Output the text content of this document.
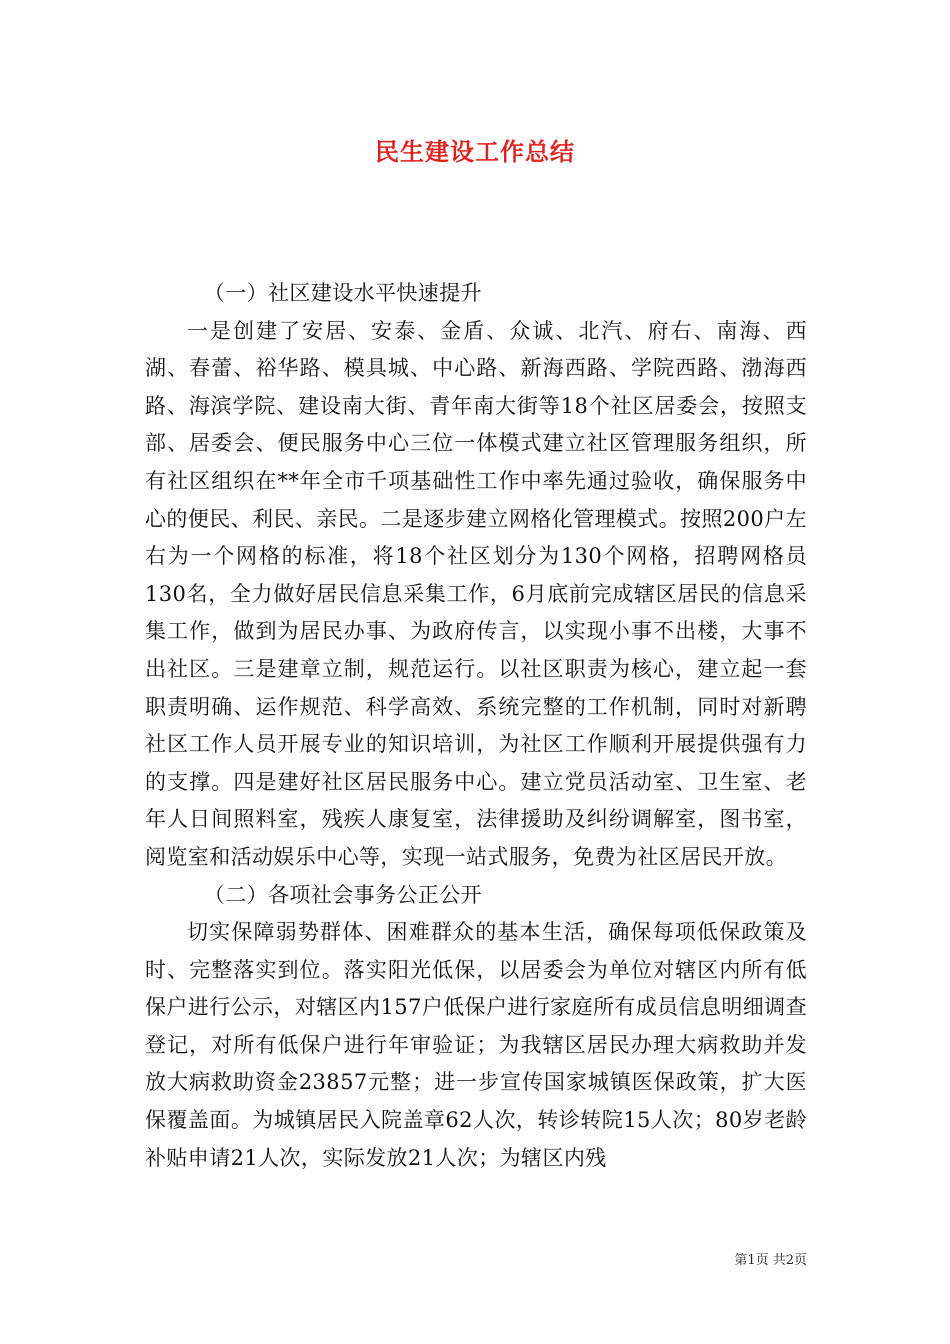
民生建设工作总结

（一）社区建设水平快速提升

一是创建了安居、安泰、金盾、众诚、北汽、府右、南海、西湖、春蕾、裕华路、模具城、中心路、新海西路、学院西路、渤海西路、海滨学院、建设南大街、青年南大街等18个社区居委会，按照支部、居委会、便民服务中心三位一体模式建立社区管理服务组织，所有社区组织在**年全市千项基础性工作中率先通过验收，确保服务中心的便民、利民、亲民。二是逐步建立网格化管理模式。按照200户左右为一个网格的标准，将18个社区划分为130个网格，招聘网格员130名，全力做好居民信息采集工作，6月底前完成辖区居民的信息采集工作，做到为居民办事、为政府传言，以实现小事不出楼，大事不出社区。三是建章立制，规范运行。以社区职责为核心，建立起一套职责明确、运作规范、科学高效、系统完整的工作机制，同时对新聘社区工作人员开展专业的知识培训，为社区工作顺利开展提供强有力的支撑。四是建好社区居民服务中心。建立党员活动室、卫生室、老年人日间照料室，残疾人康复室，法律援助及纠纷调解室，图书室，阅览室和活动娱乐中心等，实现一站式服务，免费为社区居民开放。

（二）各项社会事务公正公开

切实保障弱势群体、困难群众的基本生活，确保每项低保政策及时、完整落实到位。落实阳光低保，以居委会为单位对辖区内所有低保户进行公示，对辖区内157户低保户进行家庭所有成员信息明细调查登记，对所有低保户进行年审验证；为我辖区居民办理大病救助并发放大病救助资金23857元整；进一步宣传国家城镇医保政策，扩大医保覆盖面。为城镇居民入院盖章62人次，转诊转院15人次；80岁老龄补贴申请21人次，实际发放21人次；为辖区内残

第1页 共2页
